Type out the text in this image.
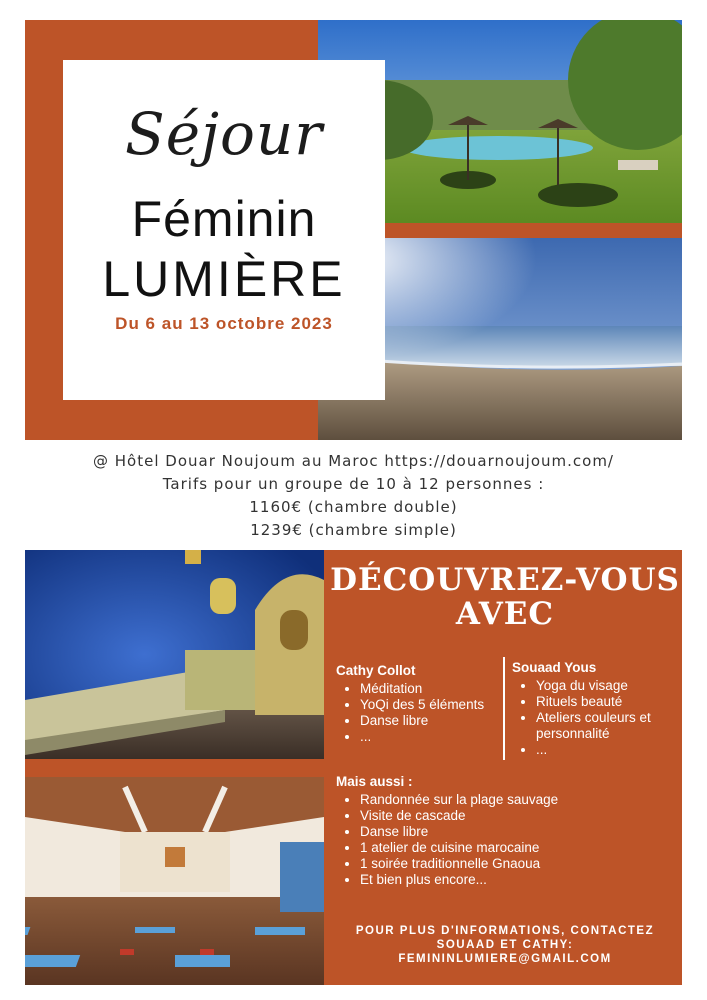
Séjour
Féminin
LUMIÈRE
Du 6 au 13 octobre 2023
@ Hôtel Douar Noujoum au Maroc https://douarnoujoum.com/
Tarifs pour un groupe de 10 à 12 personnes :
1160€ (chambre double)
1239€ (chambre simple)
DÉCOUVREZ-VOUS
AVEC
Cathy Collot
• Méditation
• YoQi des 5 éléments
• Danse libre
• ...
Souaad Yous
• Yoga du visage
• Rituels beauté
• Ateliers couleurs et personnalité
• ...
Mais aussi :
• Randonnée sur la plage sauvage
• Visite de cascade
• Danse libre
• 1 atelier de cuisine marocaine
• 1 soirée traditionnelle Gnaoua
• Et bien plus encore...
POUR PLUS D'INFORMATIONS, CONTACTEZ
SOUAAD ET CATHY:
FEMININLUMIERE@GMAIL.COM
